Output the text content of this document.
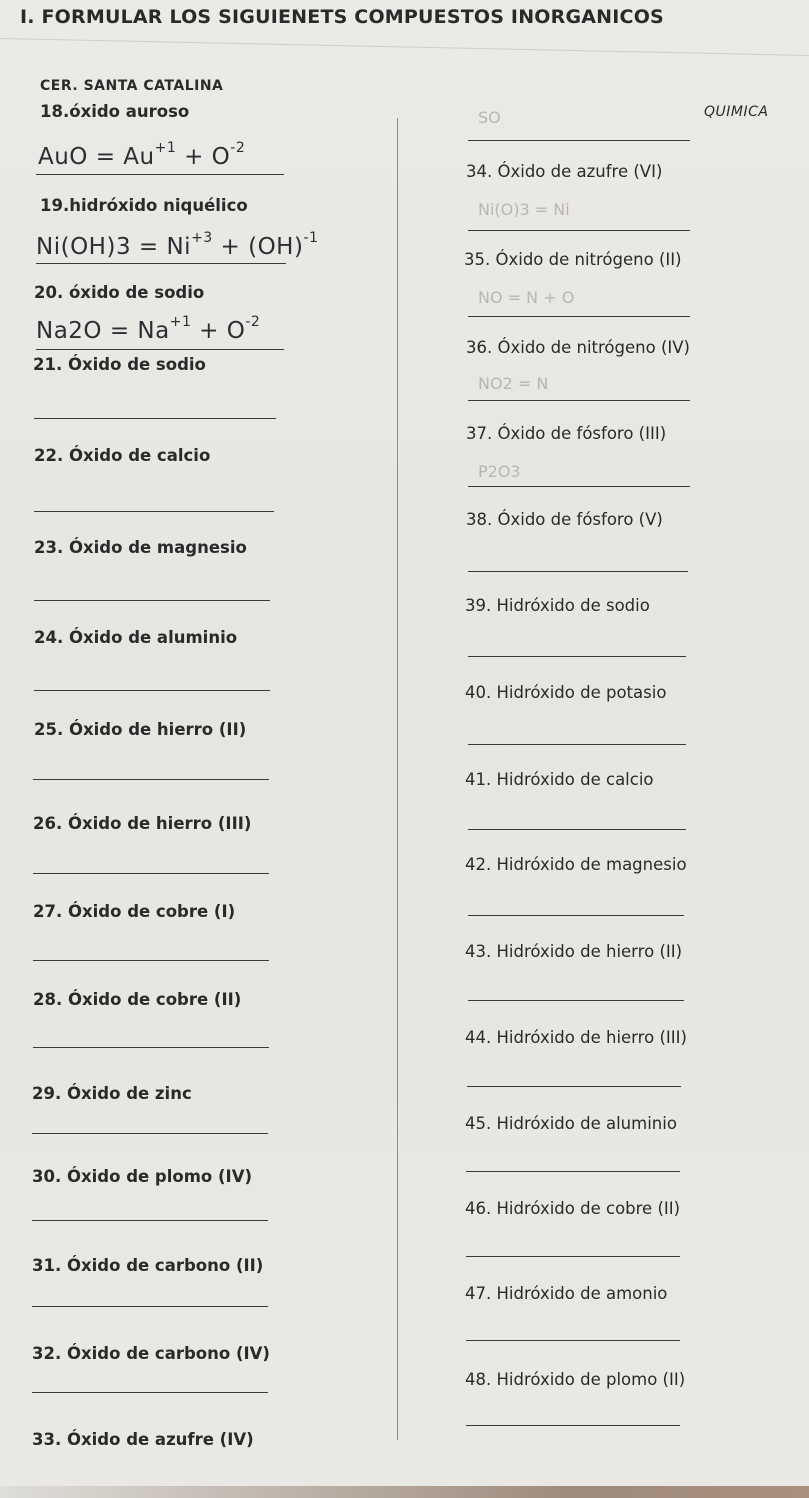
I. FORMULAR LOS SIGUIENETS COMPUESTOS INORGANICOS
CER. SANTA CATALINA
QUIMICA
18.óxido auroso
AuO = $Au^{+1} + O^{-2}$
19.hidróxido niquélico
$Ni(OH)3 = Ni^{+3} + (OH)^{-1}$
20. óxido de sodio
$Na2O = Na^{+1} + O^{-2}$
21. Óxido de sodio
22. Óxido de calcio
23. Óxido de magnesio
24. Óxido de aluminio
25. Óxido de hierro (II)
26. Óxido de hierro (III)
27. Óxido de cobre (I)
28. Óxido de cobre (II)
29. Óxido de zinc
30. Óxido de plomo (IV)
31. Óxido de carbono (II)
32. Óxido de carbono (IV)
33. Óxido de azufre (IV)
SO
34. Óxido de azufre (VI)
Ni(O)3 = Ni
35. Óxido de nitrógeno (II)
NO = N + O
36. Óxido de nitrógeno (IV)
NO2 = N
37. Óxido de fósforo (III)
P2O3
38. Óxido de fósforo (V)
39. Hidróxido de sodio
40. Hidróxido de potasio
41. Hidróxido de calcio
42. Hidróxido de magnesio
43. Hidróxido de hierro (II)
44. Hidróxido de hierro (III)
45. Hidróxido de aluminio
46. Hidróxido de cobre (II)
47. Hidróxido de amonio
48. Hidróxido de plomo (II)
